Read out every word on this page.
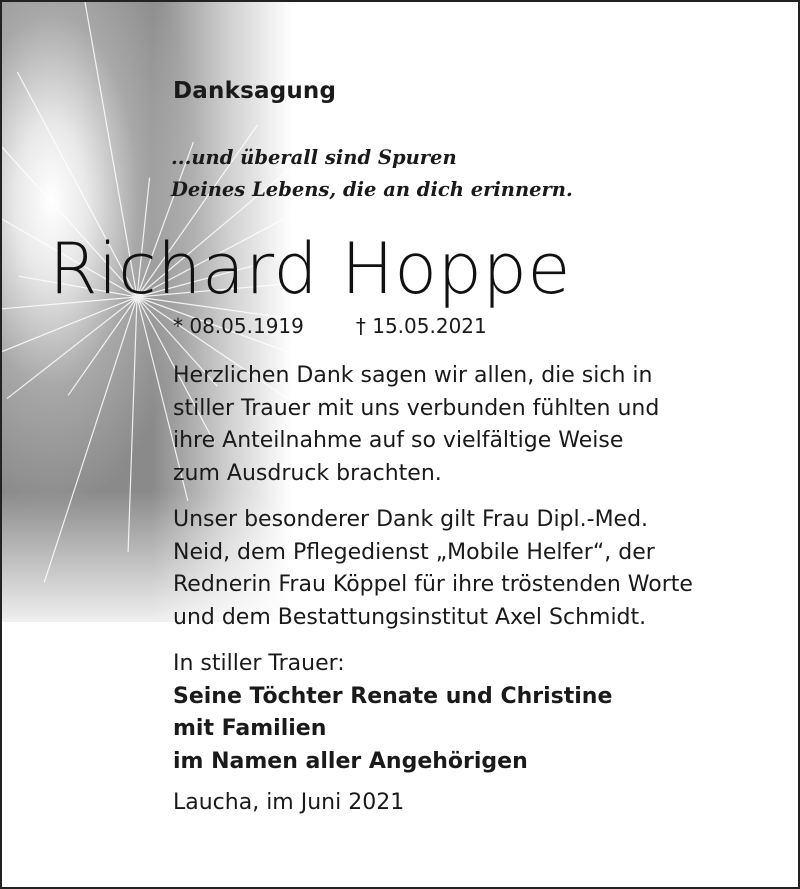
Danksagung
...und überall sind Spuren
Deines Lebens, die an dich erinnern.
Richard Hoppe
* 08.05.1919	† 15.05.2021
Herzlichen Dank sagen wir allen, die sich in
stiller Trauer mit uns verbunden fühlten und
ihre Anteilnahme auf so vielfältige Weise
zum Ausdruck brachten.
Unser besonderer Dank gilt Frau Dipl.-Med.
Neid, dem Pflegedienst „Mobile Helfer“, der
Rednerin Frau Köppel für ihre tröstenden Worte
und dem Bestattungsinstitut Axel Schmidt.
In stiller Trauer:
Seine Töchter Renate und Christine
mit Familien
im Namen aller Angehörigen
Laucha, im Juni 2021
